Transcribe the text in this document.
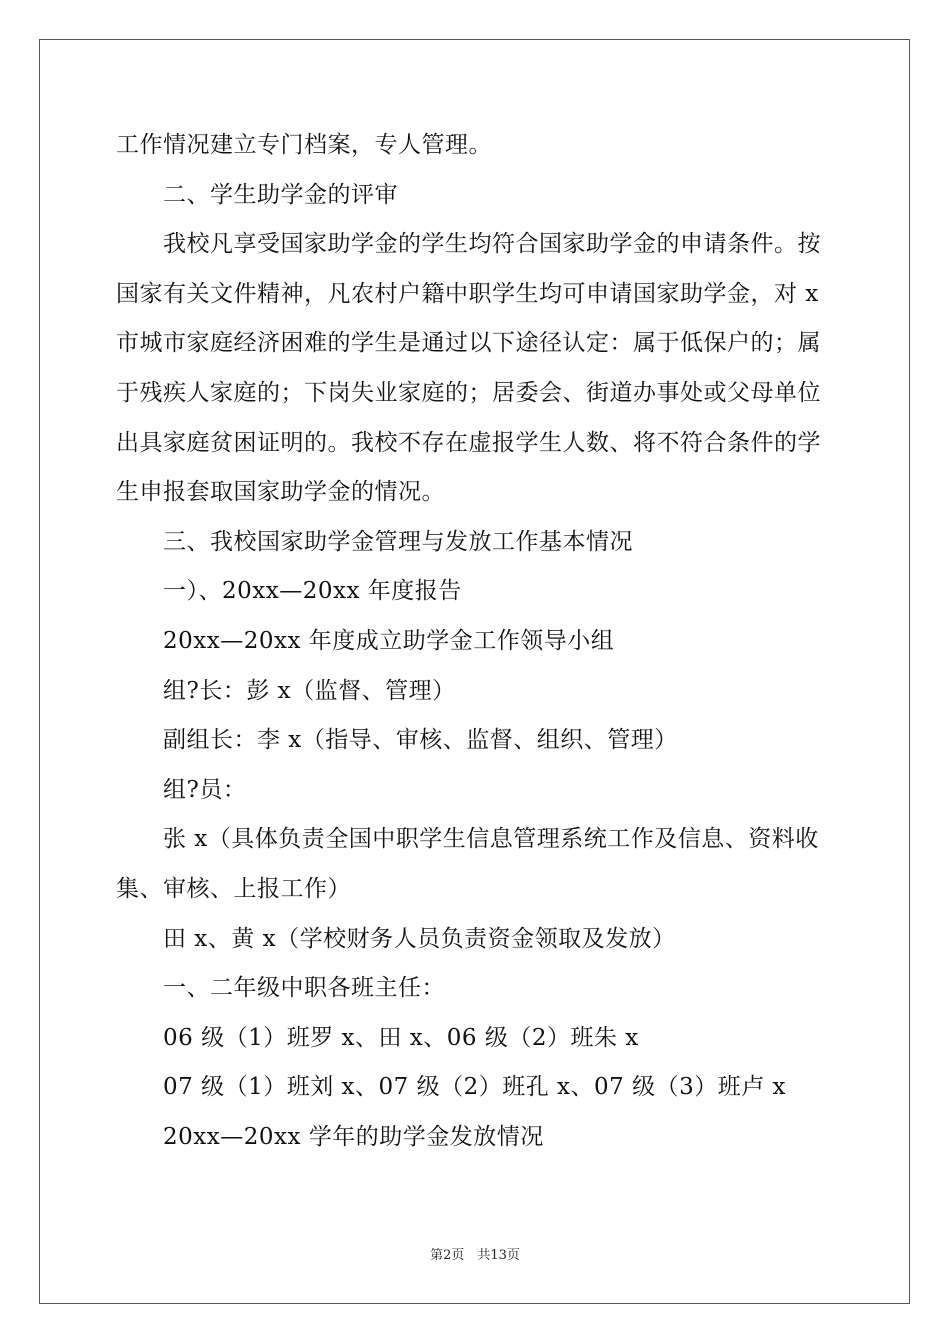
工作情况建立专门档案，专人管理。
二、学生助学金的评审
我校凡享受国家助学金的学生均符合国家助学金的申请条件。按
国家有关文件精神，凡农村户籍中职学生均可申请国家助学金，对 x
市城市家庭经济困难的学生是通过以下途径认定：属于低保户的；属
于残疾人家庭的；下岗失业家庭的；居委会、街道办事处或父母单位
出具家庭贫困证明的。我校不存在虚报学生人数、将不符合条件的学
生申报套取国家助学金的情况。
三、我校国家助学金管理与发放工作基本情况
一）、20xx—20xx 年度报告
20xx—20xx 年度成立助学金工作领导小组
组?长：彭 x（监督、管理）
副组长：李 x（指导、审核、监督、组织、管理）
组?员：
张 x（具体负责全国中职学生信息管理系统工作及信息、资料收
集、审核、上报工作）
田 x、黄 x（学校财务人员负责资金领取及发放）
一、二年级中职各班主任：
06 级（1）班罗 x、田 x、06 级（2）班朱 x
07 级（1）班刘 x、07 级（2）班孔 x、07 级（3）班卢 x
20xx—20xx 学年的助学金发放情况
第2页　共13页
